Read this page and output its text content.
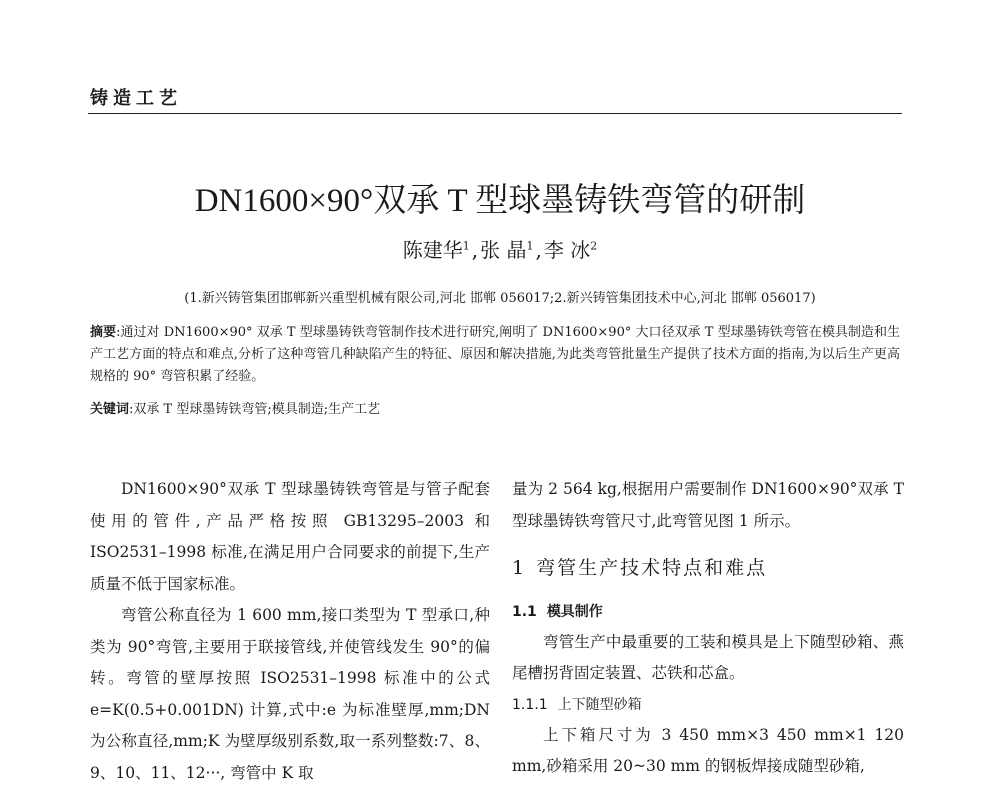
铸造工艺
DN1600×90°双承 T 型球墨铸铁弯管的研制
陈建华$^1$ , 张 晶$^1$ , 李 冰$^2$
(1.新兴铸管集团邯郸新兴重型机械有限公司,河北 邯郸 056017;2.新兴铸管集团技术中心,河北 邯郸 056017)
摘要:通过对 DN1600×90° 双承 T 型球墨铸铁弯管制作技术进行研究,阐明了 DN1600×90° 大口径双承 T 型球墨铸铁弯管在模具制造和生产工艺方面的特点和难点,分析了这种弯管几种缺陷产生的特征、原因和解决措施,为此类弯管批量生产提供了技术方面的指南,为以后生产更高规格的 90° 弯管积累了经验。
关键词:双承 T 型球墨铸铁弯管;模具制造;生产工艺

DN1600×90°双承 T 型球墨铸铁弯管是与管子配套使用的管件,产品严格按照 GB13295–2003 和 ISO2531–1998 标准,在满足用户合同要求的前提下,生产质量不低于国家标准。

弯管公称直径为 1 600 mm,接口类型为 T 型承口,种类为 90°弯管,主要用于联接管线,并使管线发生 90°的偏转。弯管的壁厚按照 ISO2531–1998 标准中的公式 e=K(0.5+0.001DN) 计算,式中:e 为标准壁厚,mm;DN 为公称直径,mm;K 为壁厚级别系数,取一系列整数:7、8、9、10、11、12···, 弯管中 K 取

量为 2 564 kg,根据用户需要制作 DN1600×90°双承 T 型球墨铸铁弯管尺寸,此弯管见图 1 所示。

1 弯管生产技术特点和难点
1.1 模具制作

弯管生产中最重要的工装和模具是上下随型砂箱、燕尾槽拐背固定装置、芯铁和芯盒。

1.1.1 上下随型砂箱

上下箱尺寸为 3 450 mm×3 450 mm×1 120 mm,砂箱采用 20~30 mm 的钢板焊接成随型砂箱,
